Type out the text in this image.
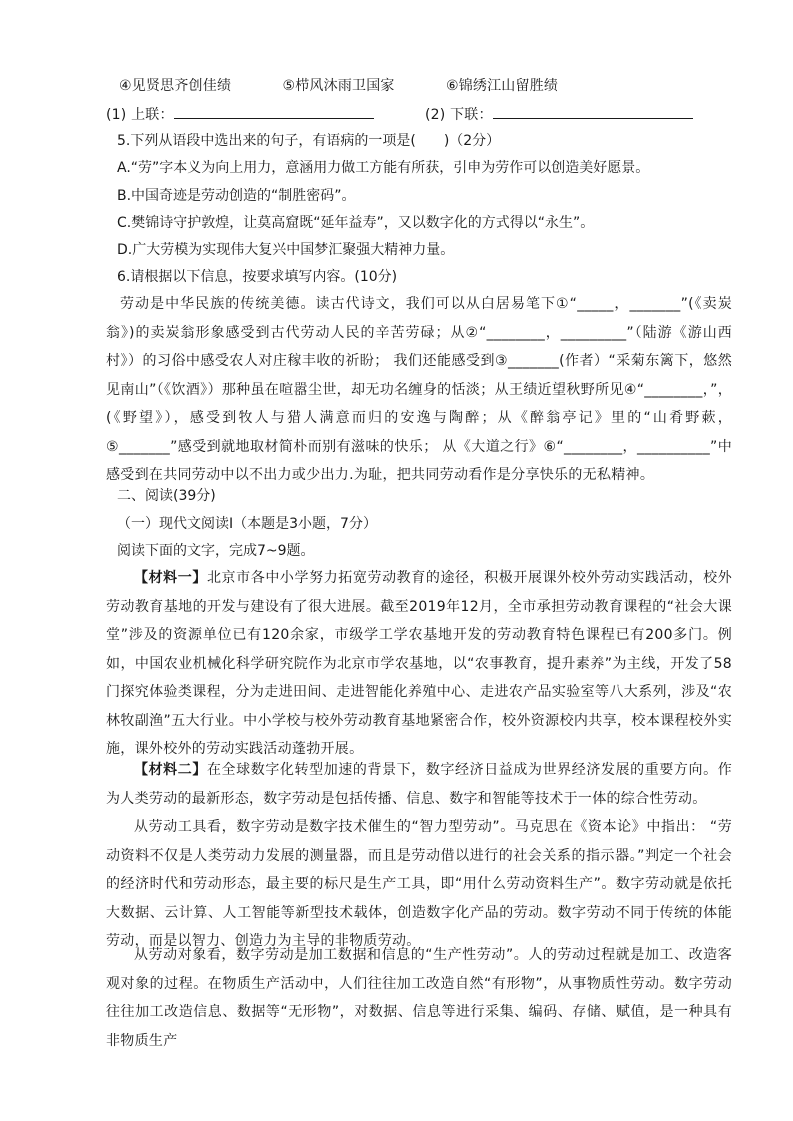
④见贤思齐创佳绩	⑤栉风沐雨卫国家	⑥锦绣江山留胜绩
(1) 上联：	(2) 下联：
5.下列从语段中选出来的句子，有语病的一项是(　　)（2分）
A.“劳”字本义为向上用力，意涵用力做工方能有所获，引申为劳作可以创造美好愿景。
B.中国奇迹是劳动创造的“制胜密码”。
C.樊锦诗守护敦煌，让莫高窟既“延年益寿”，又以数字化的方式得以“永生”。
D.广大劳模为实现伟大复兴中国梦汇聚强大精神力量。
6.请根据以下信息，按要求填写内容。(10分)
劳动是中华民族的传统美德。读古代诗文，我们可以从白居易笔下①“_____，_______”(《卖炭翁》)的卖炭翁形象感受到古代劳动人民的辛苦劳碌；从②“________，_________”（陆游《游山西村》）的习俗中感受农人对庄稼丰收的祈盼； 我们还能感受到③_______(作者）“采菊东篱下，悠然见南山”（《饮酒》）那种虽在喧嚣尘世，却无功名缠身的恬淡；从王绩近望秋野所见④“________，”，(《野望》），感受到牧人与猎人满意而归的安逸与陶醉；从《醉翁亭记》里的“山肴野蔌，⑤_______”感受到就地取材简朴而别有滋味的快乐； 从《大道之行》⑥“________，__________”中感受到在共同劳动中以不出力或少出力.为耻，把共同劳动看作是分享快乐的无私精神。
二、阅读(39分)
（一）现代文阅读Ⅰ（本题是3小题，7分）
阅读下面的文字，完成7~9题。
【材料一】北京市各中小学努力拓宽劳动教育的途径，积极开展课外校外劳动实践活动，校外劳动教育基地的开发与建设有了很大进展。截至2019年12月，全市承担劳动教育课程的“社会大课堂”涉及的资源单位已有120余家，市级学工学农基地开发的劳动教育特色课程已有200多门。例如，中国农业机械化科学研究院作为北京市学农基地，以“农事教育，提升素养”为主线，开发了58门探究体验类课程，分为走进田间、走进智能化养殖中心、走进农产品实验室等八大系列，涉及“农林牧副渔”五大行业。中小学校与校外劳动教育基地紧密合作，校外资源校内共享，校本课程校外实施，课外校外的劳动实践活动蓬勃开展。
【材料二】在全球数字化转型加速的背景下，数字经济日益成为世界经济发展的重要方向。作为人类劳动的最新形态，数字劳动是包括传播、信息、数字和智能等技术于一体的综合性劳动。
从劳动工具看，数字劳动是数字技术催生的“智力型劳动”。马克思在《资本论》中指出： “劳动资料不仅是人类劳动力发展的测量器，而且是劳动借以进行的社会关系的指示器。”判定一个社会的经济时代和劳动形态，最主要的标尺是生产工具，即“用什么劳动资料生产”。数字劳动就是依托大数据、云计算、人工智能等新型技术载体，创造数字化产品的劳动。数字劳动不同于传统的体能劳动，而是以智力、创造力为主导的非物质劳动。
从劳动对象看，数字劳动是加工数据和信息的“生产性劳动”。人的劳动过程就是加工、改造客观对象的过程。在物质生产活动中，人们往往加工改造自然“有形物”，从事物质性劳动。数字劳动往往加工改造信息、数据等“无形物”，对数据、信息等进行采集、编码、存储、赋值，是一种具有非物质生产
